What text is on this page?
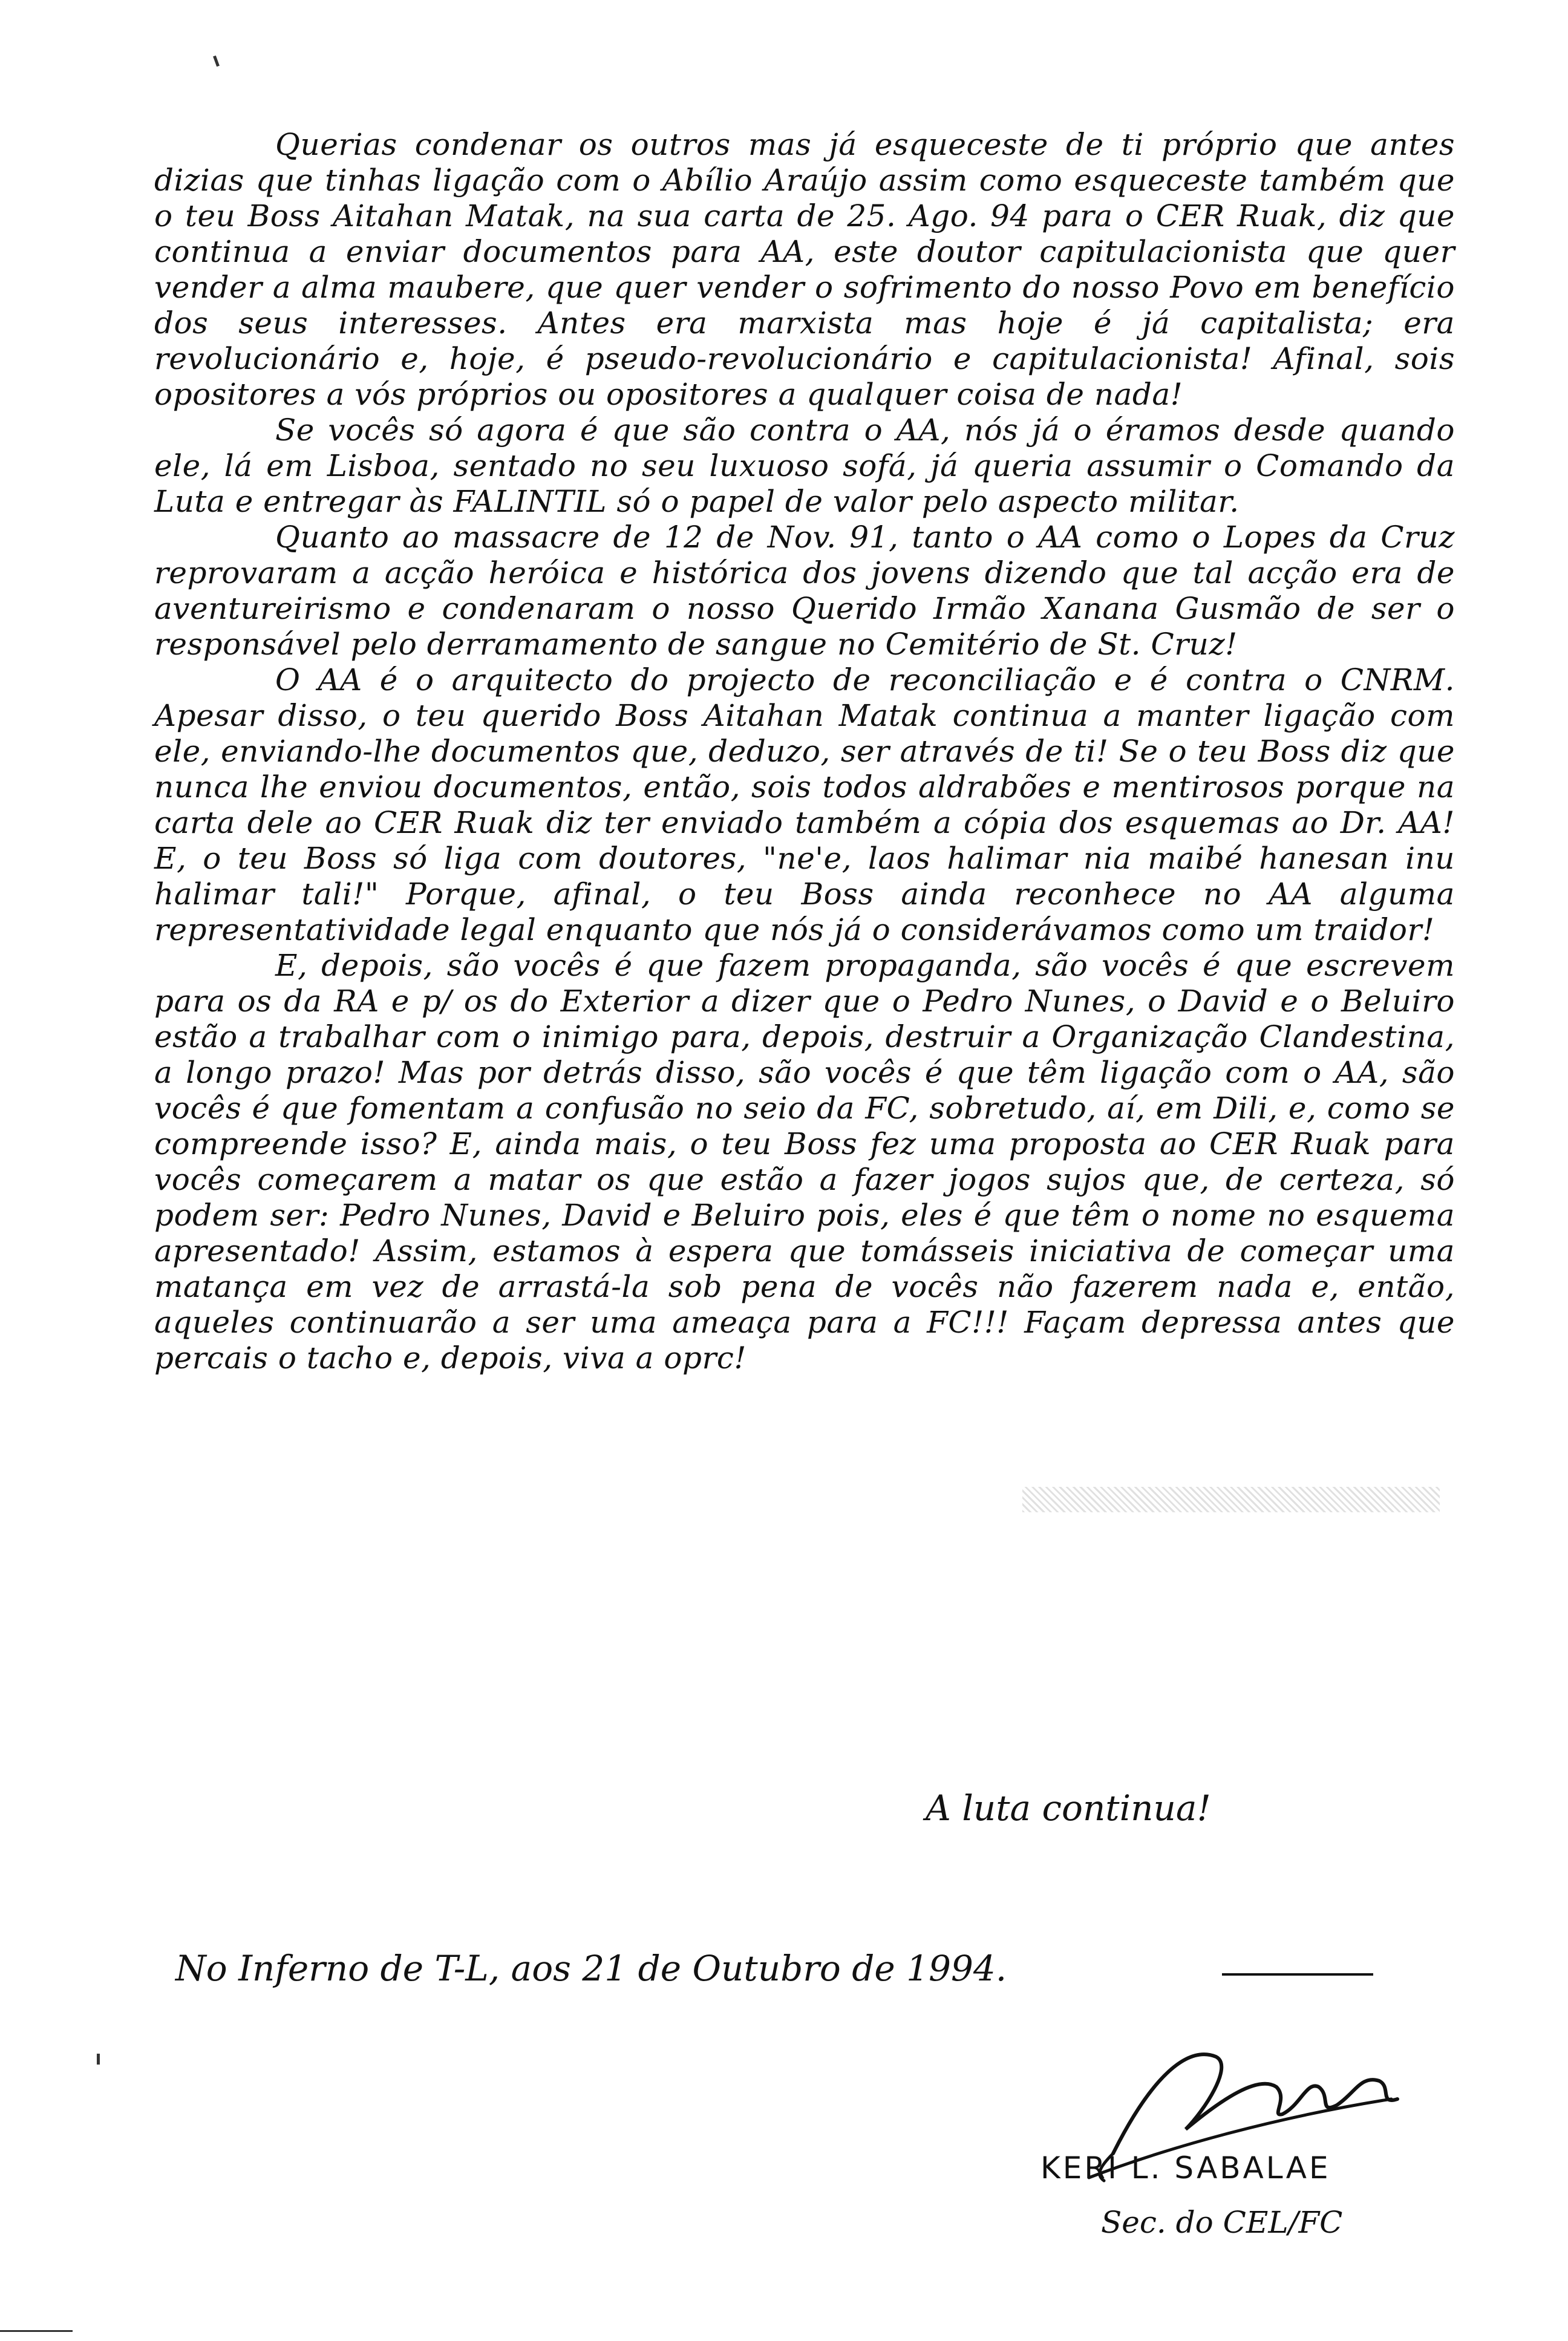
Querias condenar os outros mas já esqueceste de ti próprio que antes dizias que tinhas ligação com o Abílio Araújo assim como esqueceste também que o teu Boss Aitahan Matak, na sua carta de 25. Ago. 94 para o CER Ruak, diz que continua a enviar documentos para AA, este doutor capitulacionista que quer vender a alma maubere, que quer vender o sofrimento do nosso Povo em benefício dos seus interesses. Antes era marxista mas hoje é já capitalista; era revolucionário e, hoje, é pseudo-revolucionário e capitulacionista! Afinal, sois opositores a vós próprios ou opositores a qualquer coisa de nada!

Se vocês só agora é que são contra o AA, nós já o éramos desde quando ele, lá em Lisboa, sentado no seu luxuoso sofá, já queria assumir o Comando da Luta e entregar às FALINTIL só o papel de valor pelo aspecto militar.

Quanto ao massacre de 12 de Nov. 91, tanto o AA como o Lopes da Cruz reprovaram a acção heróica e histórica dos jovens dizendo que tal acção era de aventureirismo e condenaram o nosso Querido Irmão Xanana Gusmão de ser o responsável pelo derramamento de sangue no Cemitério de St. Cruz!

O AA é o arquitecto do projecto de reconciliação e é contra o CNRM. Apesar disso, o teu querido Boss Aitahan Matak continua a manter ligação com ele, enviando-lhe documentos que, deduzo, ser através de ti! Se o teu Boss diz que nunca lhe enviou documentos, então, sois todos aldrabões e mentirosos porque na carta dele ao CER Ruak diz ter enviado também a cópia dos esquemas ao Dr. AA! E, o teu Boss só liga com doutores, "ne'e, laos halimar nia maibé hanesan inu halimar tali!" Porque, afinal, o teu Boss ainda reconhece no AA alguma representatividade legal enquanto que nós já o considerávamos como um traidor!

E, depois, são vocês é que fazem propaganda, são vocês é que escrevem para os da RA e p/ os do Exterior a dizer que o Pedro Nunes, o David e o Beluiro estão a trabalhar com o inimigo para, depois, destruir a Organização Clandestina, a longo prazo! Mas por detrás disso, são vocês é que têm ligação com o AA, são vocês é que fomentam a confusão no seio da FC, sobretudo, aí, em Dili, e, como se compreende isso? E, ainda mais, o teu Boss fez uma proposta ao CER Ruak para vocês começarem a matar os que estão a fazer jogos sujos que, de certeza, só podem ser: Pedro Nunes, David e Beluiro pois, eles é que têm o nome no esquema apresentado! Assim, estamos à espera que tomásseis iniciativa de começar uma matança em vez de arrastá-la sob pena de vocês não fazerem nada e, então, aqueles continuarão a ser uma ameaça para a FC!!! Façam depressa antes que percais o tacho e, depois, viva a oprc!

A luta continua!
No Inferno de T-L, aos 21 de Outubro de 1994.
KERI L. SABALAE
Sec. do CEL/FC
